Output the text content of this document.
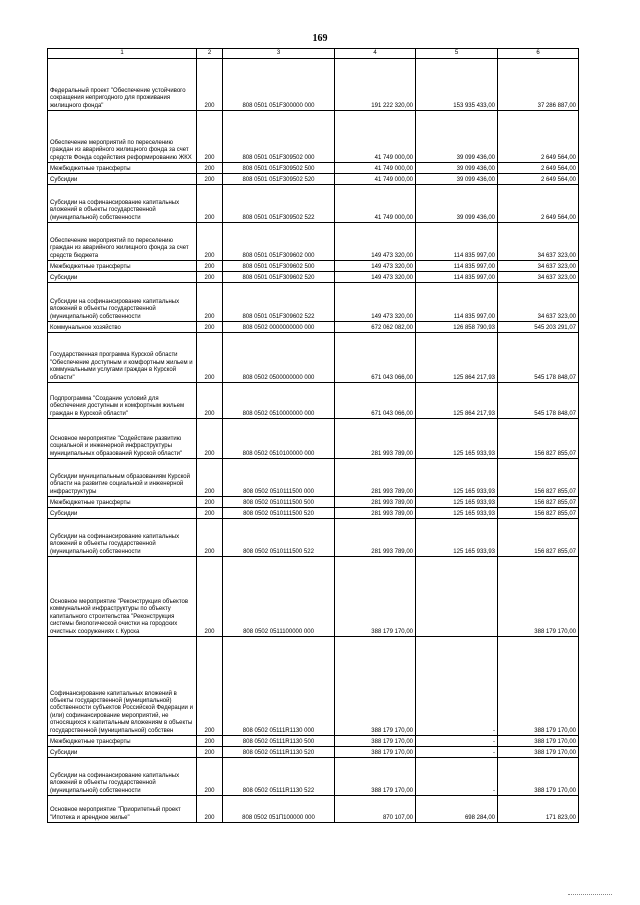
169
1	2	3	4	5	6
Федеральный проект "Обеспечение устойчивого сокращения непригодного для проживания жилищного фонда"	200	808 0501 051F300000 000	191 222 320,00	153 935 433,00	37 286 887,00
Обеспечение мероприятий по переселению граждан из аварийного жилищного фонда за счет средств Фонда содействия реформированию ЖКХ	200	808 0501 051F309502 000	41 749 000,00	39 099 436,00	2 649 564,00
Межбюджетные трансферты	200	808 0501 051F309502 500	41 749 000,00	39 099 436,00	2 649 564,00
Субсидии	200	808 0501 051F309502 520	41 749 000,00	39 099 436,00	2 649 564,00
Субсидии на софинансирование капитальных вложений в объекты государственной (муниципальной) собственности	200	808 0501 051F309502 522	41 749 000,00	39 099 436,00	2 649 564,00
Обеспечение мероприятий по переселению граждан из аварийного жилищного фонда за счет средств бюджета	200	808 0501 051F309602 000	149 473 320,00	114 835 997,00	34 637 323,00
Межбюджетные трансферты	200	808 0501 051F309602 500	149 473 320,00	114 835 997,00	34 637 323,00
Субсидии	200	808 0501 051F309602 520	149 473 320,00	114 835 997,00	34 637 323,00
Субсидии на софинансирование капитальных вложений в объекты государственной (муниципальной) собственности	200	808 0501 051F309602 522	149 473 320,00	114 835 997,00	34 637 323,00
Коммунальное хозяйство	200	808 0502 0000000000 000	672 062 082,00	126 858 790,93	545 203 291,07
Государственная программа Курской области "Обеспечение доступным и комфортным жильем и коммунальными услугами граждан в Курской области"	200	808 0502 0500000000 000	671 043 066,00	125 864 217,93	545 178 848,07
Подпрограмма "Создание условий для обеспечения доступным и комфортным жильем граждан в Курской области"	200	808 0502 0510000000 000	671 043 066,00	125 864 217,93	545 178 848,07
Основное мероприятие "Содействие развитию социальной и инженерной инфраструктуры муниципальных образований Курской области"	200	808 0502 0510100000 000	281 993 789,00	125 165 933,93	156 827 855,07
Субсидии муниципальным образованиям Курской области на развитие социальной и инженерной инфраструктуры	200	808 0502 0510111500 000	281 993 789,00	125 165 933,93	156 827 855,07
Межбюджетные трансферты	200	808 0502 0510111500 500	281 993 789,00	125 165 933,93	156 827 855,07
Субсидии	200	808 0502 0510111500 520	281 993 789,00	125 165 933,93	156 827 855,07
Субсидии на софинансирование капитальных вложений в объекты государственной (муниципальной) собственности	200	808 0502 0510111500 522	281 993 789,00	125 165 933,93	156 827 855,07
Основное мероприятие "Реконструкция объектов коммунальной инфраструктуры по объекту капитального строительства "Реконструкция системы биологической очистки на городских очистных сооружениях г. Курска	200	808 0502 0511100000 000	388 179 170,00		388 179 170,00
Софинансирование капитальных вложений в объекты государственной (муниципальной) собственности субъектов Российской Федерации и (или) софинансирование мероприятий, не относящихся к капитальным вложениям в объекты государственной (муниципальной) собствен	200	808 0502 05111R1130 000	388 179 170,00	-	388 179 170,00
Межбюджетные трансферты	200	808 0502 05111R1130 500	388 179 170,00	-	388 179 170,00
Субсидии	200	808 0502 05111R1130 520	388 179 170,00	-	388 179 170,00
Субсидии на софинансирование капитальных вложений в объекты государственной (муниципальной) собственности	200	808 0502 05111R1130 522	388 179 170,00	-	388 179 170,00
Основное мероприятие "Приоритетный проект "Ипотека и арендное жилье"	200	808 0502 051П100000 000	870 107,00	698 284,00	171 823,00
